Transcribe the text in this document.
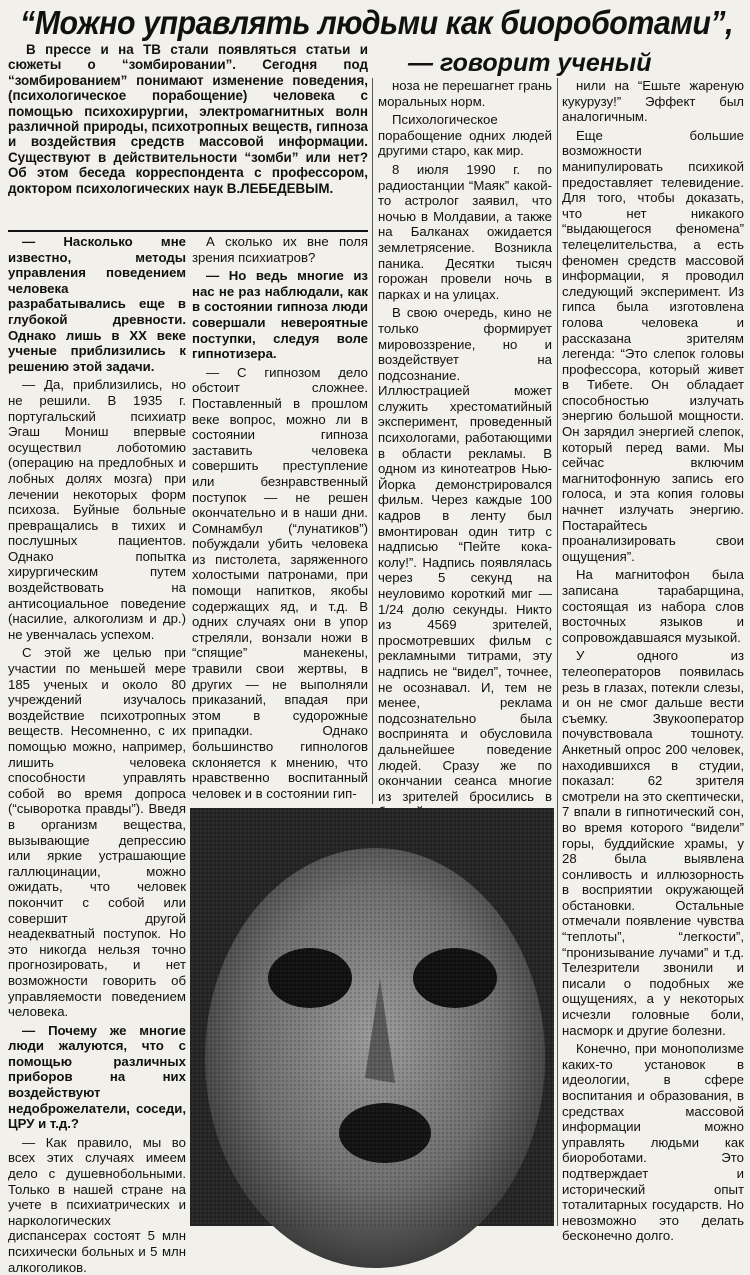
“Можно управлять людьми как биороботами”,
— говорит ученый

В прессе и на ТВ стали появляться статьи и сюжеты о “зомбировании”. Сегодня под “зомбированием” понимают изменение поведения, (психологическое порабощение) человека с помощью психохирургии, электромагнитных волн различной природы, психотропных веществ, гипноза и воздействия средств массовой информации. Существуют в действительности “зомби” или нет? Об этом беседа корреспондента с профессором, доктором психологических наук В.ЛЕБЕДЕВЫМ.

— Насколько мне известно, методы управления поведением человека разрабатывались еще в глубокой древности. Однако лишь в XX веке ученые приблизились к решению этой задачи.

— Да, приблизились, но не решили. В 1935 г. португальский психиатр Эгаш Мониш впервые осуществил лоботомию (операцию на предлобных и лобных долях мозга) при лечении некоторых форм психоза. Буйные больные превращались в тихих и послушных пациентов. Однако попытка хирургическим путем воздействовать на антисоциальное поведение (насилие, алкоголизм и др.) не увенчалась успехом.

С этой же целью при участии по меньшей мере 185 ученых и около 80 учреждений изучалось воздействие психотропных веществ. Несомненно, с их помощью можно, например, лишить человека способности управлять собой во время допроса (“сыворотка правды”). Введя в организм вещества, вызывающие депрессию или яркие устрашающие галлюцинации, можно ожидать, что человек покончит с собой или совершит другой неадекватный поступок. Но это никогда нельзя точно прогнозировать, и нет возможности говорить об управляемости поведением человека.

— Почему же многие люди жалуются, что с помощью различных приборов на них воздействуют недоброжелатели, соседи, ЦРУ и т.д.?

— Как правило, мы во всех этих случаях имеем дело с душевнобольными. Только в нашей стране на учете в психиатрических и наркологических диспансерах состоят 5 млн психически больных и 5 млн алкоголиков.

А сколько их вне поля зрения психиатров?

— Но ведь многие из нас не раз наблюдали, как в состоянии гипноза люди совершали невероятные поступки, следуя воле гипнотизера.

— С гипнозом дело обстоит сложнее. Поставленный в прошлом веке вопрос, можно ли в состоянии гипноза заставить человека совершить преступление или безнравственный поступок — не решен окончательно и в наши дни. Сомнамбул (“лунатиков”) побуждали убить человека из пистолета, заряженного холостыми патронами, при помощи напитков, якобы содержащих яд, и т.д. В одних случаях они в упор стреляли, вонзали ножи в “спящие” манекены, травили свои жертвы, в других — не выполняли приказаний, впадая при этом в судорожные припадки. Однако большинство гипнологов склоняется к мнению, что нравственно воспитанный человек и в состоянии гип-

ноза не перешагнет грань моральных норм.

Психологическое порабощение одних людей другими старо, как мир.

8 июля 1990 г. по радиостанции “Маяк” какой-то астролог заявил, что ночью в Молдавии, а также на Балканах ожидается землетрясение. Возникла паника. Десятки тысяч горожан провели ночь в парках и на улицах.

В свою очередь, кино не только формирует мировоззрение, но и воздействует на подсознание. Иллюстрацией может служить хрестоматийный эксперимент, проведенный психологами, работающими в области рекламы. В одном из кинотеатров Нью-Йорка демонстрировался фильм. Через каждые 100 кадров в ленту был вмонтирован один титр с надписью “Пейте кока-колу!”. Надпись появлялась через 5 секунд на неуловимо короткий миг — 1/24 долю секунды. Никто из 4569 зрителей, просмотревших фильм с рекламными титрами, эту надпись не “видел”, точнее, не осознавал. И, тем не менее, реклама подсознательно была воспринята и обусловила дальнейшее поведение людей. Сразу же по окончании сеанса многие из зрителей бросились в

нили на “Ешьте жареную кукурузу!” Эффект был аналогичным.

Еще большие возможности манипулировать психикой предоставляет телевидение. Для того, чтобы доказать, что нет никакого “выдающегося феномена” телецелительства, а есть феномен средств массовой информации, я проводил следующий эксперимент. Из гипса была изготовлена голова человека и рассказана зрителям легенда: “Это слепок головы профессора, который живет в Тибете. Он обладает способностью излучать энергию большой мощности. Он зарядил энергией слепок, который перед вами. Мы сейчас включим магнитофонную запись его голоса, и эта копия головы начнет излучать энергию. Постарайтесь проанализировать свои ощущения”.

На магнитофон была записана тарабарщина, состоящая из набора слов восточных языков и сопровождавшаяся музыкой.

У одного из телеоператоров появилась резь в глазах, потекли слезы, и он не смог дальше вести съемку. Звукооператор почувствовала тошноту. Анкетный опрос 200 человек, находившихся в студии, показал: 62 зрителя смотрели на это скептически, 7 впали в гипнотический сон, во время которого “видели” горы, буддийские храмы, у 28 была выявлена сонливость и иллюзорность в восприятии окружающей обстановки. Остальные отмечали появление чувства “теплоты”, “легкости”, “пронизывание лучами” и т.д. Телезрители звонили и писали о подобных же ощущениях, а у некоторых исчезли головные боли, насморк и другие болезни.

Конечно, при монополизме каких-то установок в идеологии, в сфере воспитания и образования, в средствах массовой информации можно управлять людьми как биороботами. Это подтверждает и исторический опыт тоталитарных государств. Но невозможно это делать бесконечно долго.
